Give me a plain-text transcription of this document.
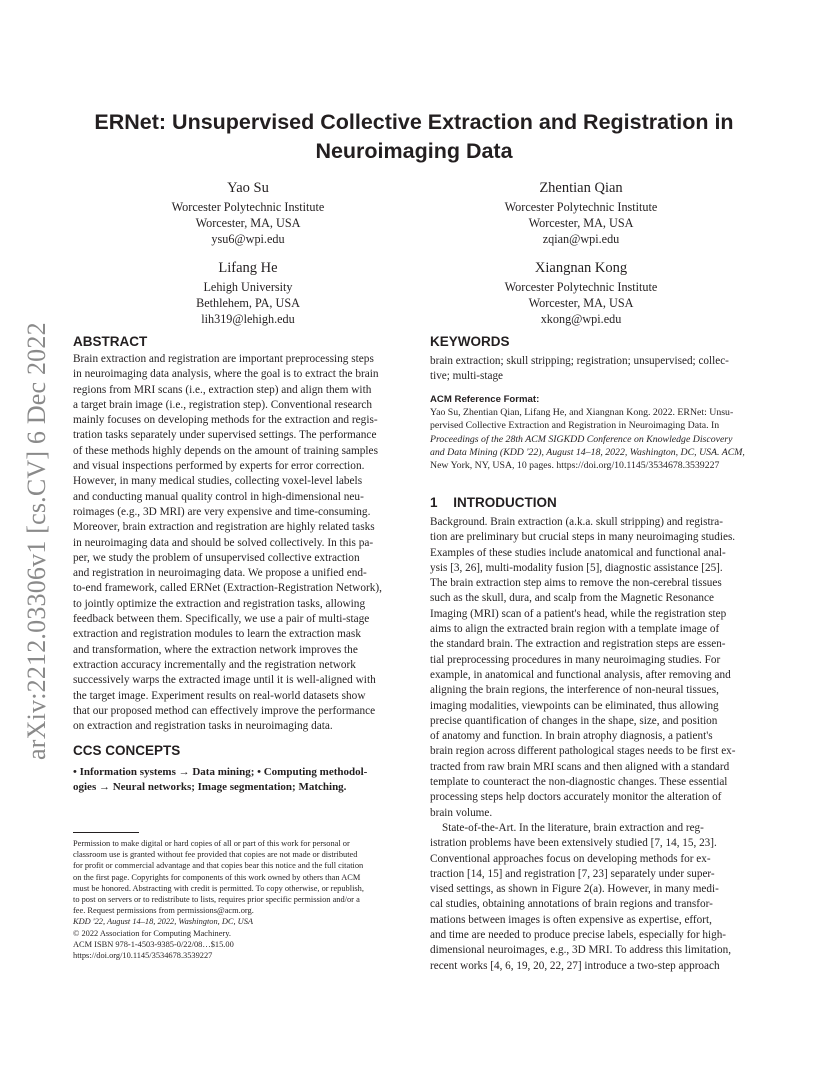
ERNet: Unsupervised Collective Extraction and Registration in
Neuroimaging Data
arXiv:2212.03306v1 [cs.CV] 6 Dec 2022
Yao Su
Worcester Polytechnic Institute
Worcester, MA, USA
ysu6@wpi.edu
Zhentian Qian
Worcester Polytechnic Institute
Worcester, MA, USA
zqian@wpi.edu
Lifang He
Lehigh University
Bethlehem, PA, USA
lih319@lehigh.edu
Xiangnan Kong
Worcester Polytechnic Institute
Worcester, MA, USA
xkong@wpi.edu
ABSTRACT
Brain extraction and registration are important preprocessing steps
in neuroimaging data analysis, where the goal is to extract the brain
regions from MRI scans (i.e., extraction step) and align them with
a target brain image (i.e., registration step). Conventional research
mainly focuses on developing methods for the extraction and regis-
tration tasks separately under supervised settings. The performance
of these methods highly depends on the amount of training samples
and visual inspections performed by experts for error correction.
However, in many medical studies, collecting voxel-level labels
and conducting manual quality control in high-dimensional neu-
roimages (e.g., 3D MRI) are very expensive and time-consuming.
Moreover, brain extraction and registration are highly related tasks
in neuroimaging data and should be solved collectively. In this pa-
per, we study the problem of unsupervised collective extraction
and registration in neuroimaging data. We propose a unified end-
to-end framework, called ERNet (Extraction-Registration Network),
to jointly optimize the extraction and registration tasks, allowing
feedback between them. Specifically, we use a pair of multi-stage
extraction and registration modules to learn the extraction mask
and transformation, where the extraction network improves the
extraction accuracy incrementally and the registration network
successively warps the extracted image until it is well-aligned with
the target image. Experiment results on real-world datasets show
that our proposed method can effectively improve the performance
on extraction and registration tasks in neuroimaging data.
CCS CONCEPTS
• Information systems → Data mining; • Computing methodol-
ogies → Neural networks; Image segmentation; Matching.
Permission to make digital or hard copies of all or part of this work for personal or
classroom use is granted without fee provided that copies are not made or distributed
for profit or commercial advantage and that copies bear this notice and the full citation
on the first page. Copyrights for components of this work owned by others than ACM
must be honored. Abstracting with credit is permitted. To copy otherwise, or republish,
to post on servers or to redistribute to lists, requires prior specific permission and/or a
fee. Request permissions from permissions@acm.org.
KDD '22, August 14–18, 2022, Washington, DC, USA
© 2022 Association for Computing Machinery.
ACM ISBN 978-1-4503-9385-0/22/08…$15.00
https://doi.org/10.1145/3534678.3539227
KEYWORDS
brain extraction; skull stripping; registration; unsupervised; collec-
tive; multi-stage
ACM Reference Format:
Yao Su, Zhentian Qian, Lifang He, and Xiangnan Kong. 2022. ERNet: Unsu-
pervised Collective Extraction and Registration in Neuroimaging Data. In
Proceedings of the 28th ACM SIGKDD Conference on Knowledge Discovery
and Data Mining (KDD '22), August 14–18, 2022, Washington, DC, USA. ACM,
New York, NY, USA, 10 pages. https://doi.org/10.1145/3534678.3539227
1 INTRODUCTION
Background. Brain extraction (a.k.a. skull stripping) and registra-
tion are preliminary but crucial steps in many neuroimaging studies.
Examples of these studies include anatomical and functional anal-
ysis [3, 26], multi-modality fusion [5], diagnostic assistance [25].
The brain extraction step aims to remove the non-cerebral tissues
such as the skull, dura, and scalp from the Magnetic Resonance
Imaging (MRI) scan of a patient's head, while the registration step
aims to align the extracted brain region with a template image of
the standard brain. The extraction and registration steps are essen-
tial preprocessing procedures in many neuroimaging studies. For
example, in anatomical and functional analysis, after removing and
aligning the brain regions, the interference of non-neural tissues,
imaging modalities, viewpoints can be eliminated, thus allowing
precise quantification of changes in the shape, size, and position
of anatomy and function. In brain atrophy diagnosis, a patient's
brain region across different pathological stages needs to be first ex-
tracted from raw brain MRI scans and then aligned with a standard
template to counteract the non-diagnostic changes. These essential
processing steps help doctors accurately monitor the alteration of
brain volume.
State-of-the-Art. In the literature, brain extraction and reg-
istration problems have been extensively studied [7, 14, 15, 23].
Conventional approaches focus on developing methods for ex-
traction [14, 15] and registration [7, 23] separately under super-
vised settings, as shown in Figure 2(a). However, in many medi-
cal studies, obtaining annotations of brain regions and transfor-
mations between images is often expensive as expertise, effort,
and time are needed to produce precise labels, especially for high-
dimensional neuroimages, e.g., 3D MRI. To address this limitation,
recent works [4, 6, 19, 20, 22, 27] introduce a two-step approach
